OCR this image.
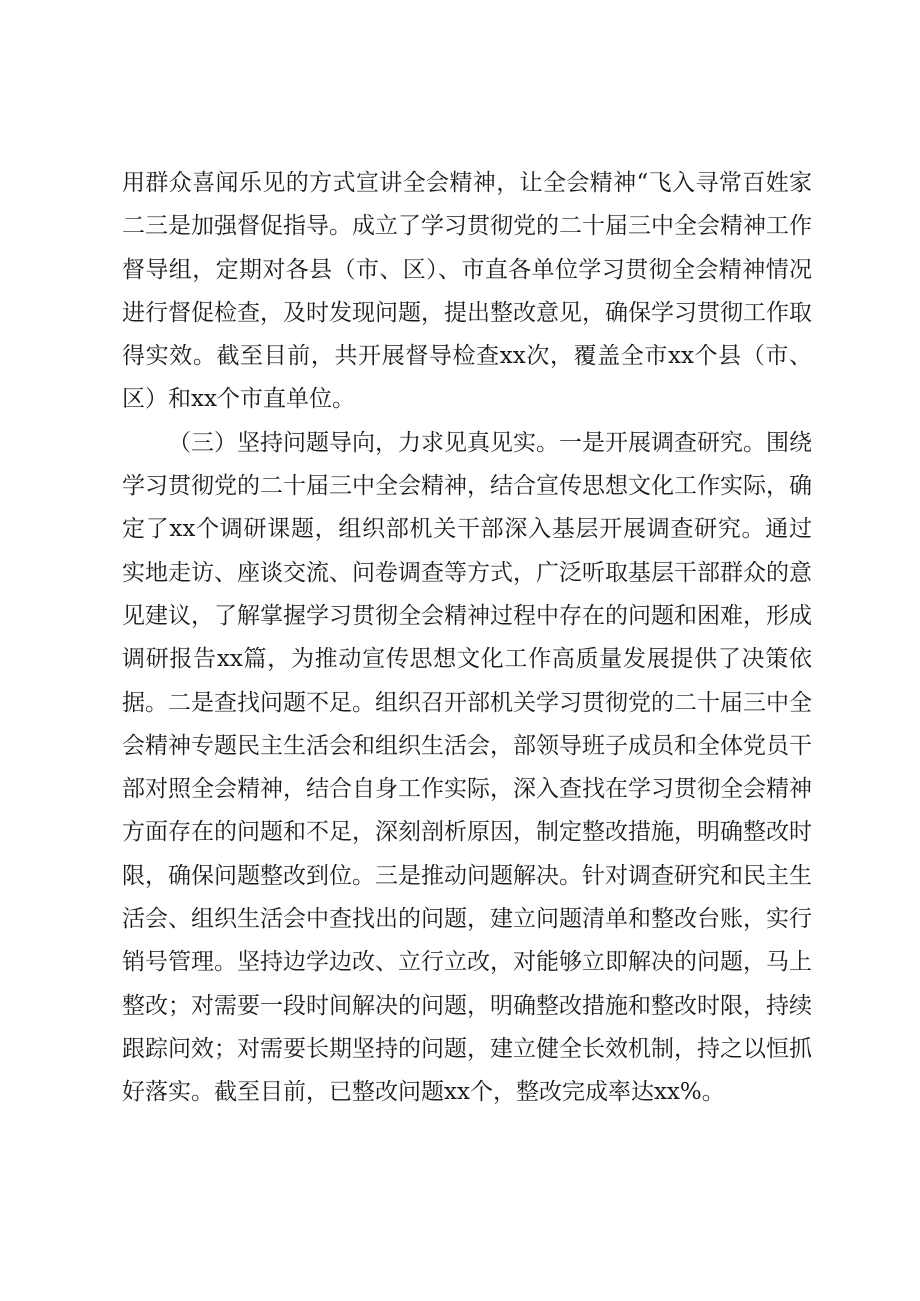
用群众喜闻乐见的方式宣讲全会精神，让全会精神“飞入寻常百姓家二三是加强督促指导。成立了学习贯彻党的二十届三中全会精神工作督导组，定期对各县（市、区）、市直各单位学习贯彻全会精神情况进行督促检查，及时发现问题，提出整改意见，确保学习贯彻工作取得实效。截至目前，共开展督导检查xx次，覆盖全市xx个县（市、区）和xx个市直单位。

（三）坚持问题导向，力求见真见实。一是开展调查研究。围绕学习贯彻党的二十届三中全会精神，结合宣传思想文化工作实际，确定了xx个调研课题，组织部机关干部深入基层开展调查研究。通过实地走访、座谈交流、问卷调查等方式，广泛听取基层干部群众的意见建议，了解掌握学习贯彻全会精神过程中存在的问题和困难，形成调研报告xx篇，为推动宣传思想文化工作高质量发展提供了决策依据。二是查找问题不足。组织召开部机关学习贯彻党的二十届三中全会精神专题民主生活会和组织生活会，部领导班子成员和全体党员干部对照全会精神，结合自身工作实际，深入查找在学习贯彻全会精神方面存在的问题和不足，深刻剖析原因，制定整改措施，明确整改时限，确保问题整改到位。三是推动问题解决。针对调查研究和民主生活会、组织生活会中查找出的问题，建立问题清单和整改台账，实行销号管理。坚持边学边改、立行立改，对能够立即解决的问题，马上整改；对需要一段时间解决的问题，明确整改措施和整改时限，持续跟踪问效；对需要长期坚持的问题，建立健全长效机制，持之以恒抓好落实。截至目前，已整改问题xx个，整改完成率达xx%。
